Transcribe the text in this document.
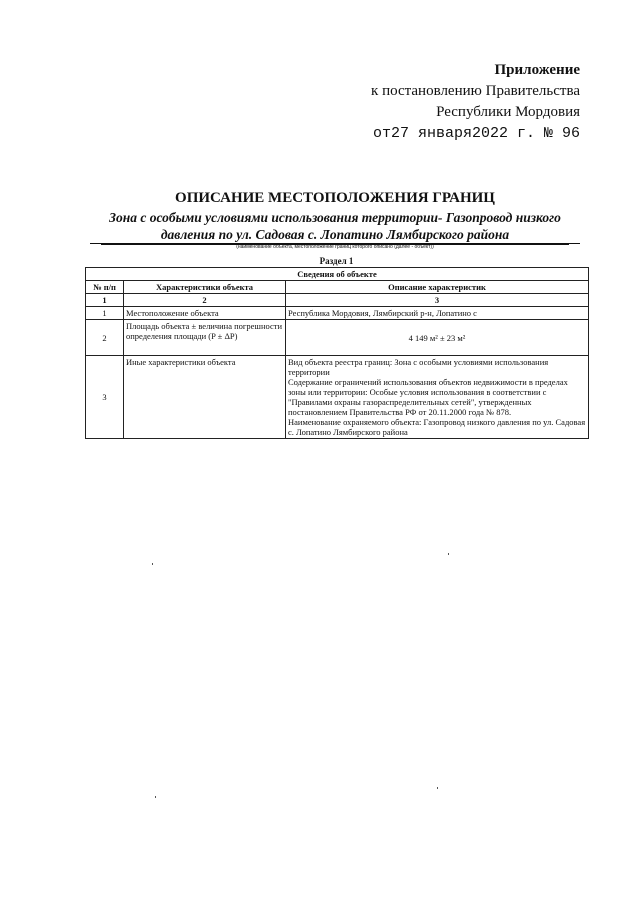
Приложение
к постановлению Правительства
Республики Мордовия
от27 января2022 г. № 96
ОПИСАНИЕ МЕСТОПОЛОЖЕНИЯ ГРАНИЦ
Зона с особыми условиями использования территории- Газопровод низкого
давления по ул. Садовая с. Лопатино Лямбирского района
(наименование объекта, местоположение границ которого описано (далее - объект))
Раздел 1
Сведения об объекте		
№ п/п	Характеристики объекта	Описание характеристик
1	2	3
1	Местоположение объекта	Республика Мордовия, Лямбирский р-н, Лопатино с

2	Площадь объекта ± величина погрешности определения площади (P ± ΔP)	4 149 м² ± 23 м²

3	Иные характеристики объекта	Вид объекта реестра границ: Зона с особыми условиями использования территории
Содержание ограничений использования объектов недвижимости в пределах зоны или территории: Особые условия использования в соответствии с "Правилами охраны газораспределительных сетей", утвержденных постановлением Правительства РФ от 20.11.2000 года № 878.
Наименование охраняемого объекта: Газопровод низкого давления по ул. Садовая с. Лопатино Лямбирского района
